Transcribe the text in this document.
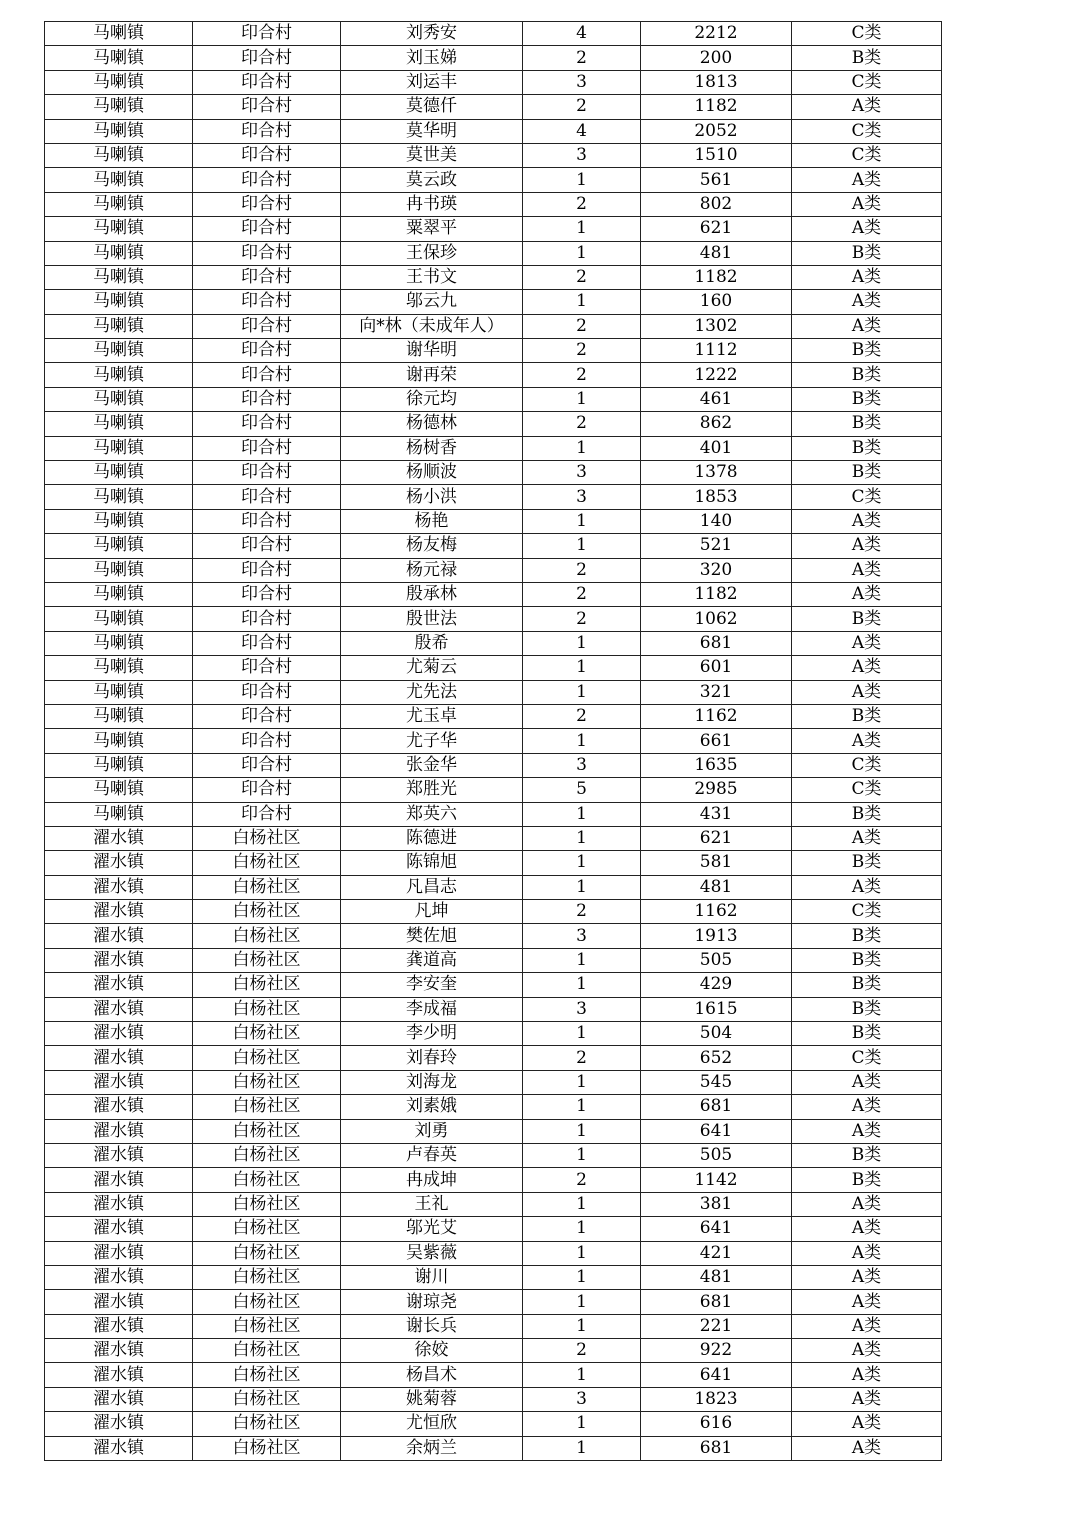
马喇镇	印合村	刘秀安	4	2212	C类
马喇镇	印合村	刘玉娣	2	200	B类
马喇镇	印合村	刘运丰	3	1813	C类
马喇镇	印合村	莫德仟	2	1182	A类
马喇镇	印合村	莫华明	4	2052	C类
马喇镇	印合村	莫世美	3	1510	C类
马喇镇	印合村	莫云政	1	561	A类
马喇镇	印合村	冉书瑛	2	802	A类
马喇镇	印合村	粟翠平	1	621	A类
马喇镇	印合村	王保珍	1	481	B类
马喇镇	印合村	王书文	2	1182	A类
马喇镇	印合村	邬云九	1	160	A类
马喇镇	印合村	向*林（未成年人）	2	1302	A类
马喇镇	印合村	谢华明	2	1112	B类
马喇镇	印合村	谢再荣	2	1222	B类
马喇镇	印合村	徐元均	1	461	B类
马喇镇	印合村	杨德林	2	862	B类
马喇镇	印合村	杨树香	1	401	B类
马喇镇	印合村	杨顺波	3	1378	B类
马喇镇	印合村	杨小洪	3	1853	C类
马喇镇	印合村	杨艳	1	140	A类
马喇镇	印合村	杨友梅	1	521	A类
马喇镇	印合村	杨元禄	2	320	A类
马喇镇	印合村	殷承林	2	1182	A类
马喇镇	印合村	殷世法	2	1062	B类
马喇镇	印合村	殷希	1	681	A类
马喇镇	印合村	尤菊云	1	601	A类
马喇镇	印合村	尤先法	1	321	A类
马喇镇	印合村	尤玉卓	2	1162	B类
马喇镇	印合村	尤子华	1	661	A类
马喇镇	印合村	张金华	3	1635	C类
马喇镇	印合村	郑胜光	5	2985	C类
马喇镇	印合村	郑英六	1	431	B类
濯水镇	白杨社区	陈德进	1	621	A类
濯水镇	白杨社区	陈锦旭	1	581	B类
濯水镇	白杨社区	凡昌志	1	481	A类
濯水镇	白杨社区	凡坤	2	1162	C类
濯水镇	白杨社区	樊佐旭	3	1913	B类
濯水镇	白杨社区	龚道高	1	505	B类
濯水镇	白杨社区	李安奎	1	429	B类
濯水镇	白杨社区	李成福	3	1615	B类
濯水镇	白杨社区	李少明	1	504	B类
濯水镇	白杨社区	刘春玲	2	652	C类
濯水镇	白杨社区	刘海龙	1	545	A类
濯水镇	白杨社区	刘素娥	1	681	A类
濯水镇	白杨社区	刘勇	1	641	A类
濯水镇	白杨社区	卢春英	1	505	B类
濯水镇	白杨社区	冉成坤	2	1142	B类
濯水镇	白杨社区	王礼	1	381	A类
濯水镇	白杨社区	邬光艾	1	641	A类
濯水镇	白杨社区	吴紫薇	1	421	A类
濯水镇	白杨社区	谢川	1	481	A类
濯水镇	白杨社区	谢琼尧	1	681	A类
濯水镇	白杨社区	谢长兵	1	221	A类
濯水镇	白杨社区	徐姣	2	922	A类
濯水镇	白杨社区	杨昌术	1	641	A类
濯水镇	白杨社区	姚菊蓉	3	1823	A类
濯水镇	白杨社区	尤恒欣	1	616	A类
濯水镇	白杨社区	余炳兰	1	681	A类
